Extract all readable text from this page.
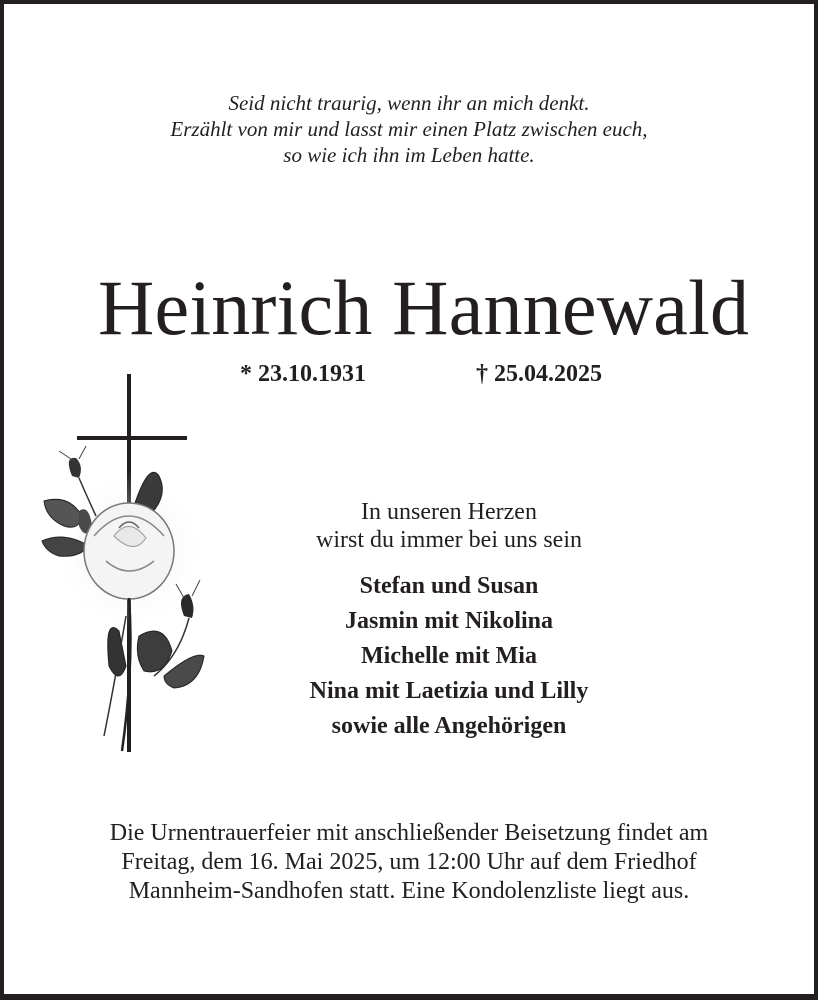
Seid nicht traurig, wenn ihr an mich denkt.
Erzählt von mir und lasst mir einen Platz zwischen euch,
so wie ich ihn im Leben hatte.
Heinrich Hannewald
* 23.10.1931	† 25.04.2025
In unseren Herzen
wirst du immer bei uns sein
Stefan und Susan
Jasmin mit Nikolina
Michelle mit Mia
Nina mit Laetizia und Lilly
sowie alle Angehörigen
Die Urnentrauerfeier mit anschließender Beisetzung findet am
Freitag, dem 16. Mai 2025, um 12:00 Uhr auf dem Friedhof
Mannheim-Sandhofen statt. Eine Kondolenzliste liegt aus.
